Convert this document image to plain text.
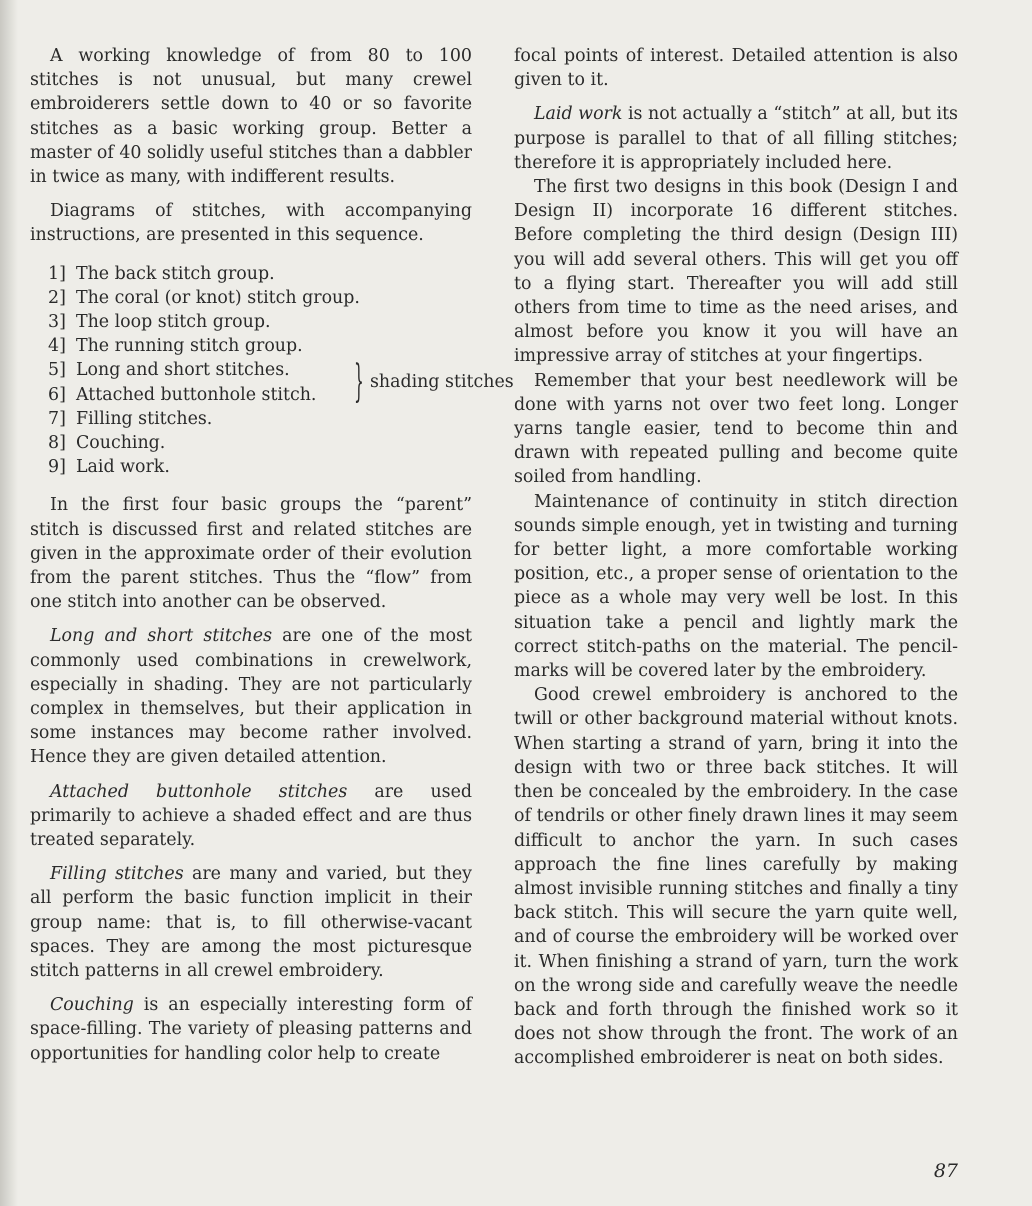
A working knowledge of from 80 to 100 stitches is not unusual, but many crewel embroiderers settle down to 40 or so favorite stitches as a basic working group. Better a master of 40 solidly useful stitches than a dabbler in twice as many, with indifferent results.

Diagrams of stitches, with accompanying instructions, are presented in this sequence.

1] The back stitch group.
2] The coral (or knot) stitch group.
3] The loop stitch group.
4] The running stitch group.
5] Long and short stitches. } shading stitches
6] Attached buttonhole stitch.
7] Filling stitches.
8] Couching.
9] Laid work.

In the first four basic groups the “parent” stitch is discussed first and related stitches are given in the approximate order of their evolution from the parent stitches. Thus the “flow” from one stitch into another can be observed.

Long and short stitches are one of the most commonly used combinations in crewelwork, especially in shading. They are not particularly complex in themselves, but their application in some instances may become rather involved. Hence they are given detailed attention.

Attached buttonhole stitches are used primarily to achieve a shaded effect and are thus treated separately.

Filling stitches are many and varied, but they all perform the basic function implicit in their group name: that is, to fill otherwise-vacant spaces. They are among the most picturesque stitch patterns in all crewel embroidery.

Couching is an especially interesting form of space-filling. The variety of pleasing patterns and opportunities for handling color help to create

focal points of interest. Detailed attention is also given to it.

Laid work is not actually a “stitch” at all, but its purpose is parallel to that of all filling stitches; therefore it is appropriately included here.

The first two designs in this book (Design I and Design II) incorporate 16 different stitches. Before completing the third design (Design III) you will add several others. This will get you off to a flying start. Thereafter you will add still others from time to time as the need arises, and almost before you know it you will have an impressive array of stitches at your fingertips.

Remember that your best needlework will be done with yarns not over two feet long. Longer yarns tangle easier, tend to become thin and drawn with repeated pulling and become quite soiled from handling.

Maintenance of continuity in stitch direction sounds simple enough, yet in twisting and turning for better light, a more comfortable working position, etc., a proper sense of orientation to the piece as a whole may very well be lost. In this situation take a pencil and lightly mark the correct stitch-paths on the material. The pencil-marks will be covered later by the embroidery.

Good crewel embroidery is anchored to the twill or other background material without knots. When starting a strand of yarn, bring it into the design with two or three back stitches. It will then be concealed by the embroidery. In the case of tendrils or other finely drawn lines it may seem difficult to anchor the yarn. In such cases approach the fine lines carefully by making almost invisible running stitches and finally a tiny back stitch. This will secure the yarn quite well, and of course the embroidery will be worked over it. When finishing a strand of yarn, turn the work on the wrong side and carefully weave the needle back and forth through the finished work so it does not show through the front. The work of an accomplished embroiderer is neat on both sides.

87
